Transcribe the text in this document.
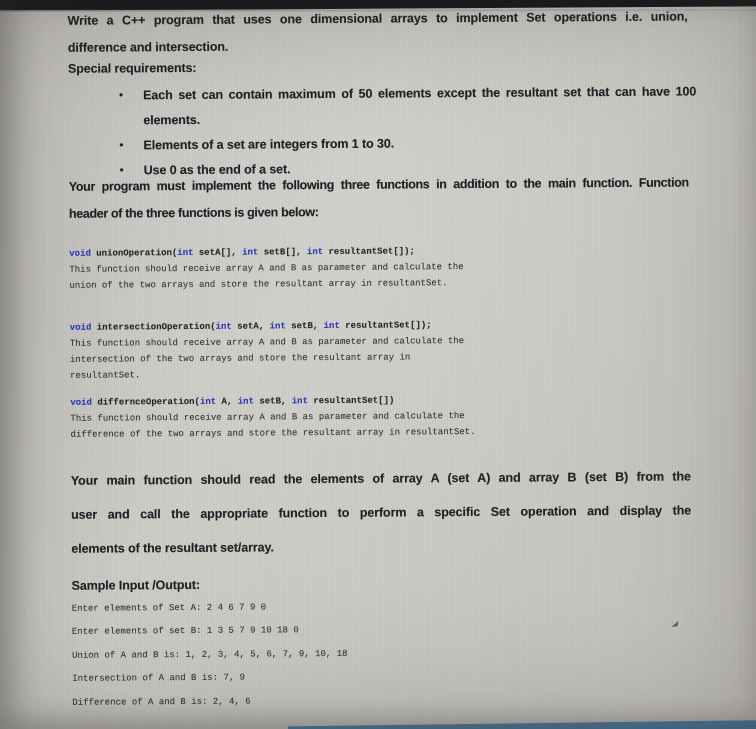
Write a C++ program that uses one dimensional arrays to implement Set operations i.e. union,
difference and intersection.
Special requirements:
• Each set can contain maximum of 50 elements except the resultant set that can have 100
elements.
• Elements of a set are integers from 1 to 30.
• Use 0 as the end of a set.
Your program must implement the following three functions in addition to the main function. Function
header of the three functions is given below:
void unionOperation(int setA[], int setB[], int resultantSet[]);
This function should receive array A and B as parameter and calculate the
union of the two arrays and store the resultant array in resultantSet.
void intersectionOperation(int setA, int setB, int resultantSet[]);
This function should receive array A and B as parameter and calculate the
intersection of the two arrays and store the resultant array in
resultantSet.
void differnceOperation(int A, int setB, int resultantSet[])
This function should receive array A and B as parameter and calculate the
difference of the two arrays and store the resultant array in resultantSet.
Your main function should read the elements of array A (set A) and array B (set B) from the
user and call the appropriate function to perform a specific Set operation and display the
elements of the resultant set/array.
Sample Input /Output:
Enter elements of Set A: 2 4 6 7 9 0
Enter elements of set B: 1 3 5 7 9 10 18 0
Union of A and B is: 1, 2, 3, 4, 5, 6, 7, 9, 10, 18
Intersection of A and B is: 7, 9
Difference of A and B is: 2, 4, 6
